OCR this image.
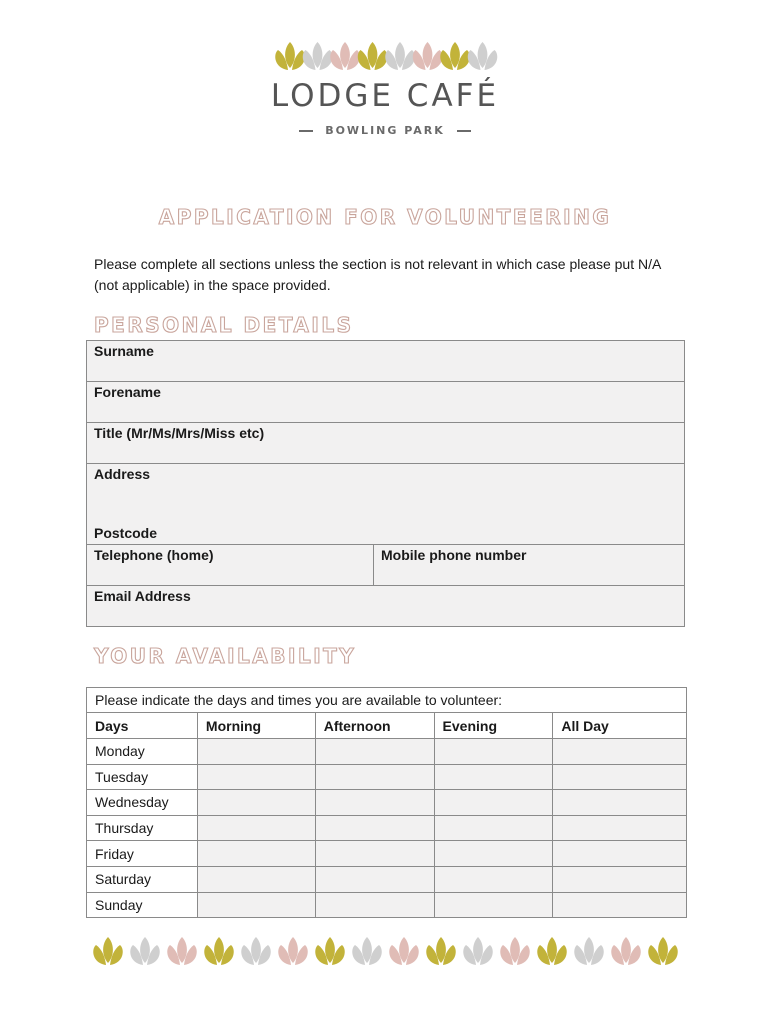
LODGE CAFÉ
BOWLING PARK
APPLICATION FOR VOLUNTEERING
Please complete all sections unless the section is not relevant in which case please put N/A (not applicable) in the space provided.
PERSONAL DETAILS
Surname
Forename
Title (Mr/Ms/Mrs/Miss etc)
Address
Postcode
Telephone (home)	Mobile phone number
Email Address
YOUR AVAILABILITY
Please indicate the days and times you are available to volunteer:				
Days	Morning	Afternoon	Evening	All Day
Monday				
Tuesday				
Wednesday				
Thursday				
Friday				
Saturday				
Sunday				
